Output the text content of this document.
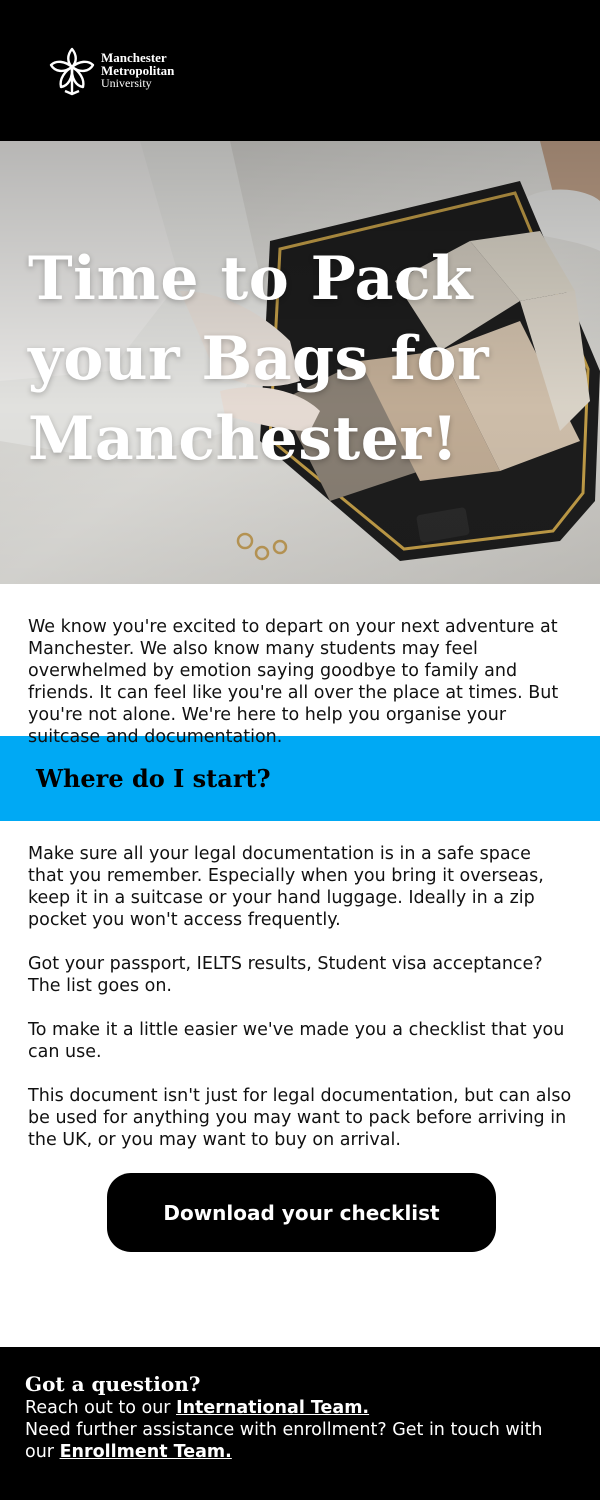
Manchester
Metropolitan
University
Time to Pack your Bags for Manchester!

We know you're excited to depart on your next adventure at Manchester. We also know many students may feel overwhelmed by emotion saying goodbye to family and friends. It can feel like you're all over the place at times. But you're not alone. We're here to help you organise your suitcase and documentation.

Where do I start?

Make sure all your legal documentation is in a safe space that you remember. Especially when you bring it overseas, keep it in a suitcase or your hand luggage. Ideally in a zip pocket you won't access frequently.

Got your passport, IELTS results, Student visa acceptance? The list goes on.

To make it a little easier we've made you a checklist that you can use.

This document isn't just for legal documentation, but can also be used for anything you may want to pack before arriving in the UK, or you may want to buy on arrival.

Download your checklist
Got a question?

Reach out to our International Team.

Need further assistance with enrollment? Get in touch with our Enrollment Team.
